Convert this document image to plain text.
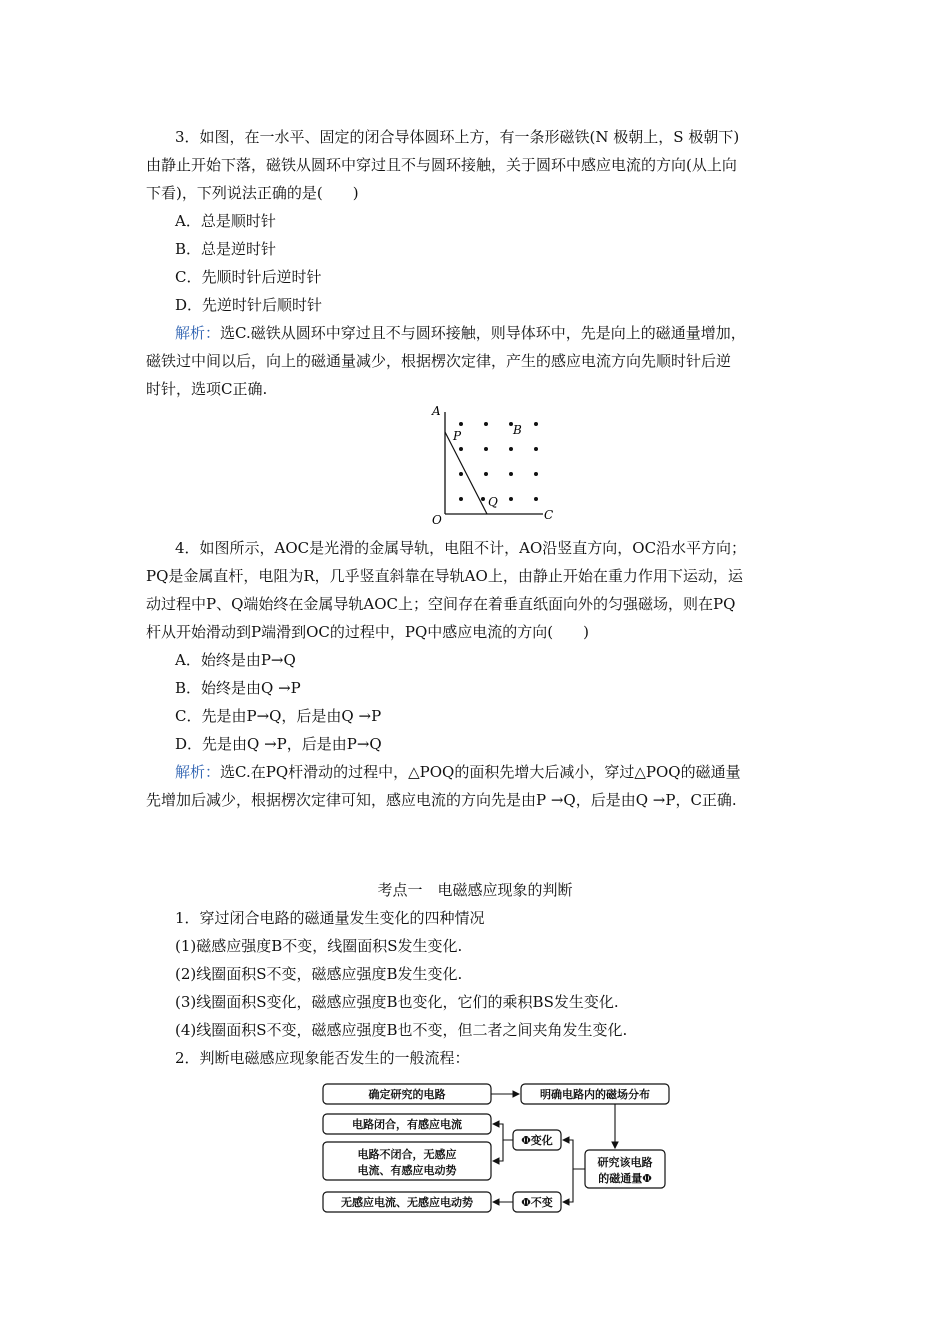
3．如图，在一水平、固定的闭合导体圆环上方，有一条形磁铁(N 极朝上，S 极朝下)
由静止开始下落，磁铁从圆环中穿过且不与圆环接触，关于圆环中感应电流的方向(从上向
下看)，下列说法正确的是(　　)
A．总是顺时针
B．总是逆时针
C．先顺时针后逆时针
D．先逆时针后顺时针
解析：选C.磁铁从圆环中穿过且不与圆环接触，则导体环中，先是向上的磁通量增加，
磁铁过中间以后，向上的磁通量减少，根据楞次定律，产生的感应电流方向先顺时针后逆
时针，选项C正确.
A
O	C
P	B
Q
4．如图所示，AOC是光滑的金属导轨，电阻不计，AO沿竖直方向，OC沿水平方向；
PQ是金属直杆，电阻为R，几乎竖直斜靠在导轨AO上，由静止开始在重力作用下运动，运
动过程中P、Q端始终在金属导轨AOC上；空间存在着垂直纸面向外的匀强磁场，则在PQ
杆从开始滑动到P端滑到OC的过程中，PQ中感应电流的方向(　　)
A．始终是由P→Q
B．始终是由Q →P
C．先是由P→Q，后是由Q →P
D．先是由Q →P，后是由P→Q
解析：选C.在PQ杆滑动的过程中，△POQ的面积先增大后减小，穿过△POQ的磁通量
先增加后减少，根据楞次定律可知，感应电流的方向先是由P →Q，后是由Q →P，C正确.
考点一　电磁感应现象的判断
1．穿过闭合电路的磁通量发生变化的四种情况
(1)磁感应强度B不变，线圈面积S发生变化.
(2)线圈面积S不变，磁感应强度B发生变化.
(3)线圈面积S变化，磁感应强度B也变化，它们的乘积BS发生变化.
(4)线圈面积S不变，磁感应强度B也不变，但二者之间夹角发生变化.
2．判断电磁感应现象能否发生的一般流程：
确定研究的电路	明确电路内的磁场分布
研究该电路
的磁通量Φ
Φ变化
Φ不变
电路闭合，有感应电流
电路不闭合，无感应
电流、有感应电动势
无感应电流、无感应电动势
